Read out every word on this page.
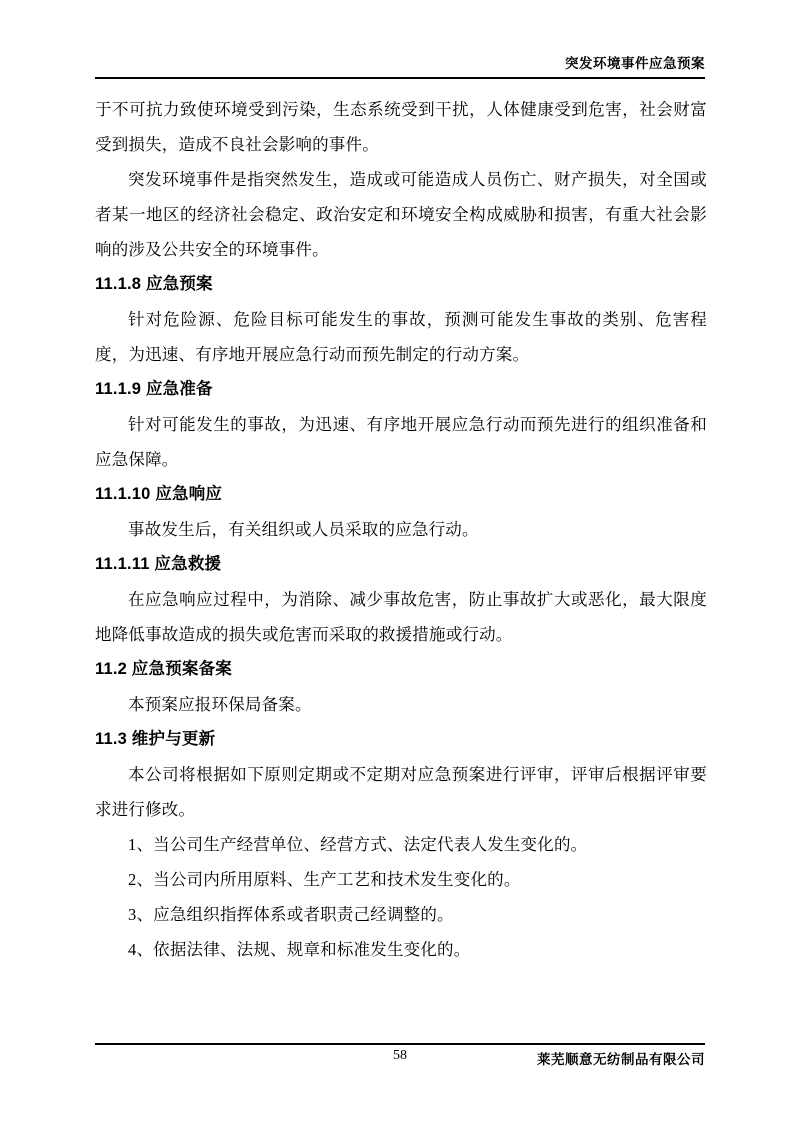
突发环境事件应急预案

于不可抗力致使环境受到污染，生态系统受到干扰，人体健康受到危害，社会财富受到损失，造成不良社会影响的事件。

突发环境事件是指突然发生，造成或可能造成人员伤亡、财产损失，对全国或者某一地区的经济社会稳定、政治安定和环境安全构成威胁和损害，有重大社会影响的涉及公共安全的环境事件。

11.1.8 应急预案

针对危险源、危险目标可能发生的事故，预测可能发生事故的类别、危害程度，为迅速、有序地开展应急行动而预先制定的行动方案。

11.1.9 应急准备

针对可能发生的事故，为迅速、有序地开展应急行动而预先进行的组织准备和应急保障。

11.1.10 应急响应

事故发生后，有关组织或人员采取的应急行动。

11.1.11 应急救援

在应急响应过程中，为消除、减少事故危害，防止事故扩大或恶化，最大限度地降低事故造成的损失或危害而采取的救援措施或行动。

11.2 应急预案备案

本预案应报环保局备案。

11.3 维护与更新

本公司将根据如下原则定期或不定期对应急预案进行评审，评审后根据评审要求进行修改。

1、当公司生产经营单位、经营方式、法定代表人发生变化的。

2、当公司内所用原料、生产工艺和技术发生变化的。

3、应急组织指挥体系或者职责己经调整的。

4、依据法律、法规、规章和标准发生变化的。

58	莱芜顺意无纺制品有限公司
